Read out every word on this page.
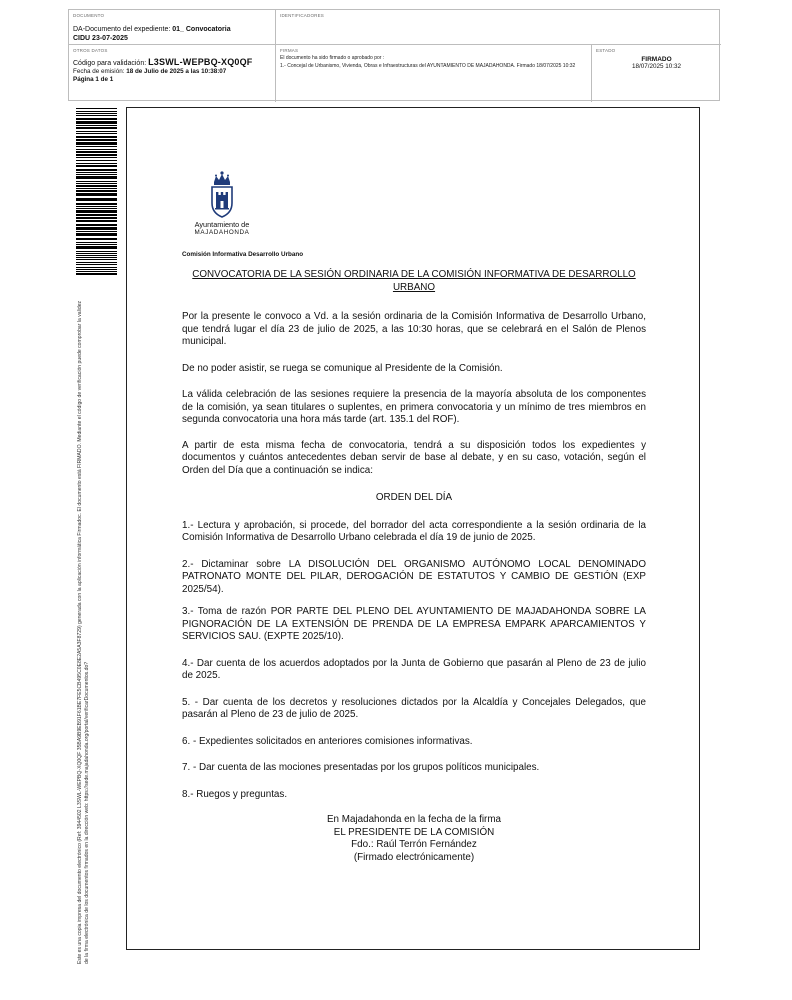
DOCUMENTO
DA-Documento del expediente: 01_ Convocatoria
CIDU 23-07-2025
IDENTIFICADORES
OTROS DATOS
Código para validación: L3SWL-WEPBQ-XQ0QF
Fecha de emisión: 18 de Julio de 2025 a las 10:38:07
Página 1 de 1
FIRMAS
El documento ha sido firmado o aprobado por :
1.- Concejal de Urbanismo, Vivienda, Obras e Infraestructuras del AYUNTAMIENTO DE MAJADAHONDA. Firmado 18/07/2025 10:32
ESTADO
FIRMADO
18/07/2025 10:32
Este es una copia impresa del documento electrónico (Ref: 3944502 L3SWL-WEPBQ-XQ0QF 35BA9B9EB91F61BE7FE5CB495C0E8E2A5A3F8729) generada con la aplicación informática Firmadoc. El documento está FIRMADO. Mediante el código de verificación puede comprobar la validez de la firma electrónica de los documentos firmados en la dirección web: https://sede.majadahonda.org/portal/verificarDocumentos.do?
Ayuntamiento de
MAJADAHONDA
Comisión Informativa Desarrollo Urbano
CONVOCATORIA DE LA SESIÓN ORDINARIA DE LA COMISIÓN INFORMATIVA DE DESARROLLO URBANO
Por la presente le convoco a Vd. a la sesión ordinaria de la Comisión Informativa de Desarrollo Urbano, que tendrá lugar el día 23 de julio de 2025, a las 10:30 horas, que se celebrará en el Salón de Plenos municipal.
De no poder asistir, se ruega se comunique al Presidente de la Comisión.
La válida celebración de las sesiones requiere la presencia de la mayoría absoluta de los componentes de la comisión, ya sean titulares o suplentes, en primera convocatoria y un mínimo de tres miembros en segunda convocatoria una hora más tarde (art. 135.1 del ROF).
A partir de esta misma fecha de convocatoria, tendrá a su disposición todos los expedientes y documentos y cuántos antecedentes deban servir de base al debate, y en su caso, votación, según el Orden del Día que a continuación se indica:
ORDEN DEL DÍA
1.- Lectura y aprobación, si procede, del borrador del acta correspondiente a la sesión ordinaria de la Comisión Informativa de Desarrollo Urbano celebrada el día 19 de junio de 2025.
2.- Dictaminar sobre LA DISOLUCIÓN DEL ORGANISMO AUTÓNOMO LOCAL DENOMINADO PATRONATO MONTE DEL PILAR, DEROGACIÓN DE ESTATUTOS Y CAMBIO DE GESTIÓN (EXP 2025/54).
3.- Toma de razón POR PARTE DEL PLENO DEL AYUNTAMIENTO DE MAJADAHONDA SOBRE LA PIGNORACIÓN DE LA EXTENSIÓN DE PRENDA DE LA EMPRESA EMPARK APARCAMIENTOS Y SERVICIOS SAU. (EXPTE 2025/10).
4.- Dar cuenta de los acuerdos adoptados por la Junta de Gobierno que pasarán al Pleno de 23 de julio de 2025.
5. - Dar cuenta de los decretos y resoluciones dictados por la Alcaldía y Concejales Delegados, que pasarán al Pleno de 23 de julio de 2025.
6. - Expedientes solicitados en anteriores comisiones informativas.
7. - Dar cuenta de las mociones presentadas por los grupos políticos municipales.
8.- Ruegos y preguntas.
En Majadahonda en la fecha de la firma
EL PRESIDENTE DE LA COMISIÓN
Fdo.: Raúl Terrón Fernández
(Firmado electrónicamente)
